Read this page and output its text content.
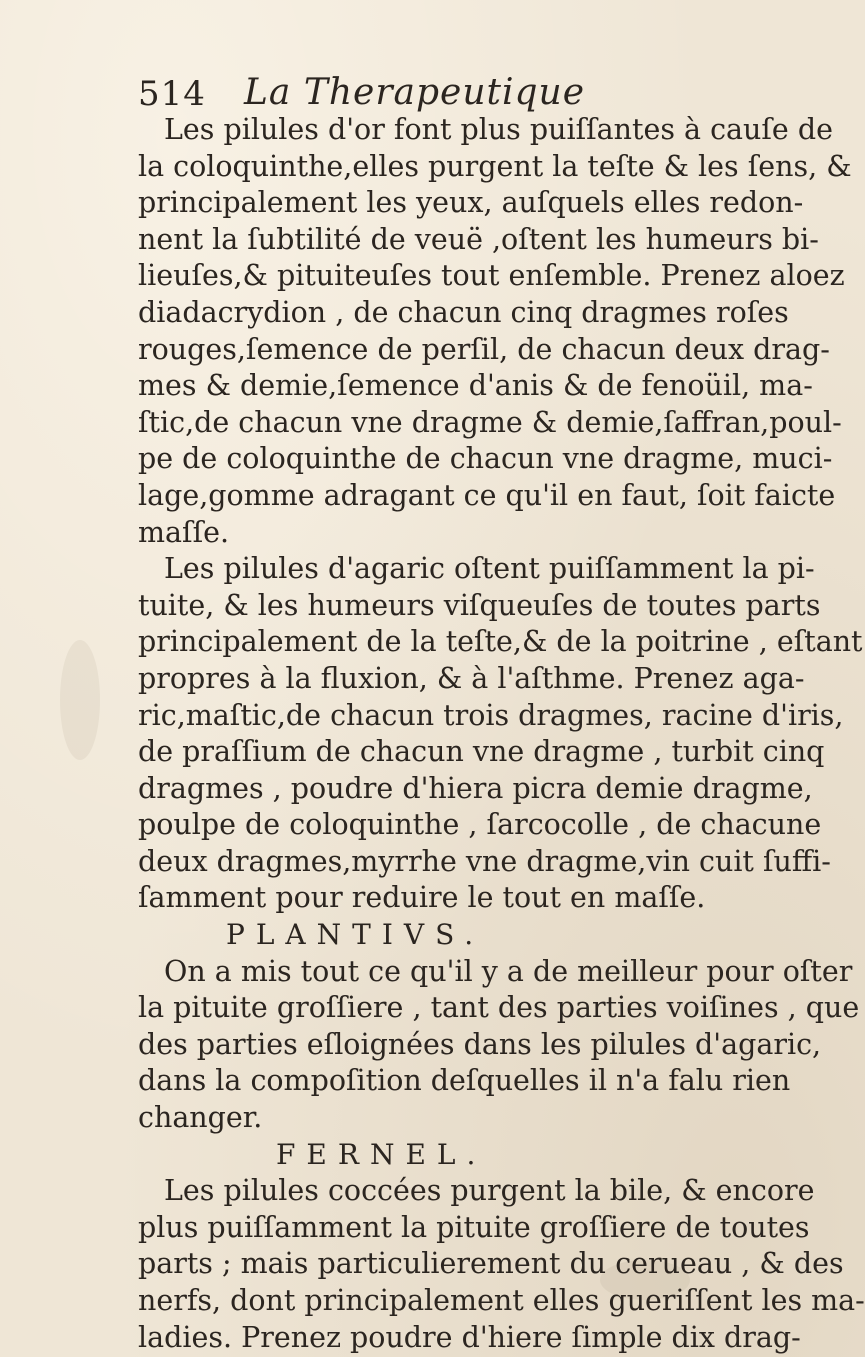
514 La Therapeutique
Les pilules d'or font plus puiſſantes à cauſe de
la coloquinthe,elles purgent la teſte & les ſens, &
principalement les yeux, auſquels elles redon-
nent la ſubtilité de veuë ,oſtent les humeurs bi-
lieuſes,& pituiteuſes tout enſemble. Prenez aloez
diadacrydion , de chacun cinq dragmes roſes
rouges,ſemence de perſil, de chacun deux drag-
mes & demie,ſemence d'anis & de fenoüil, ma-
ſtic,de chacun vne dragme & demie,ſaffran,poul-
pe de coloquinthe de chacun vne dragme, muci-
lage,gomme adragant ce qu'il en faut, ſoit faicte
maſſe.
Les pilules d'agaric oſtent puiſſamment la pi-
tuite, & les humeurs viſqueuſes de toutes parts
principalement de la teſte,& de la poitrine , eſtant
propres à la fluxion, & à l'aſthme. Prenez aga-
ric,maſtic,de chacun trois dragmes, racine d'iris,
de praſſium de chacun vne dragme , turbit cinq
dragmes , poudre d'hiera picra demie dragme,
poulpe de coloquinthe , ſarcocolle , de chacune
deux dragmes,myrrhe vne dragme,vin cuit ſuffi-
ſamment pour reduire le tout en maſſe.
PLANTIVS.
On a mis tout ce qu'il y a de meilleur pour oſter
la pituite groſſiere , tant des parties voiſines , que
des parties eſloignées dans les pilules d'agaric,
dans la compoſition deſquelles il n'a falu rien
changer.
FERNEL.
Les pilules coccées purgent la bile, & encore
plus puiſſamment la pituite groſſiere de toutes
parts ; mais particulierement du cerueau , & des
nerfs, dont principalement elles gueriſſent les ma-
ladies. Prenez poudre d'hiere ſimple dix drag-
